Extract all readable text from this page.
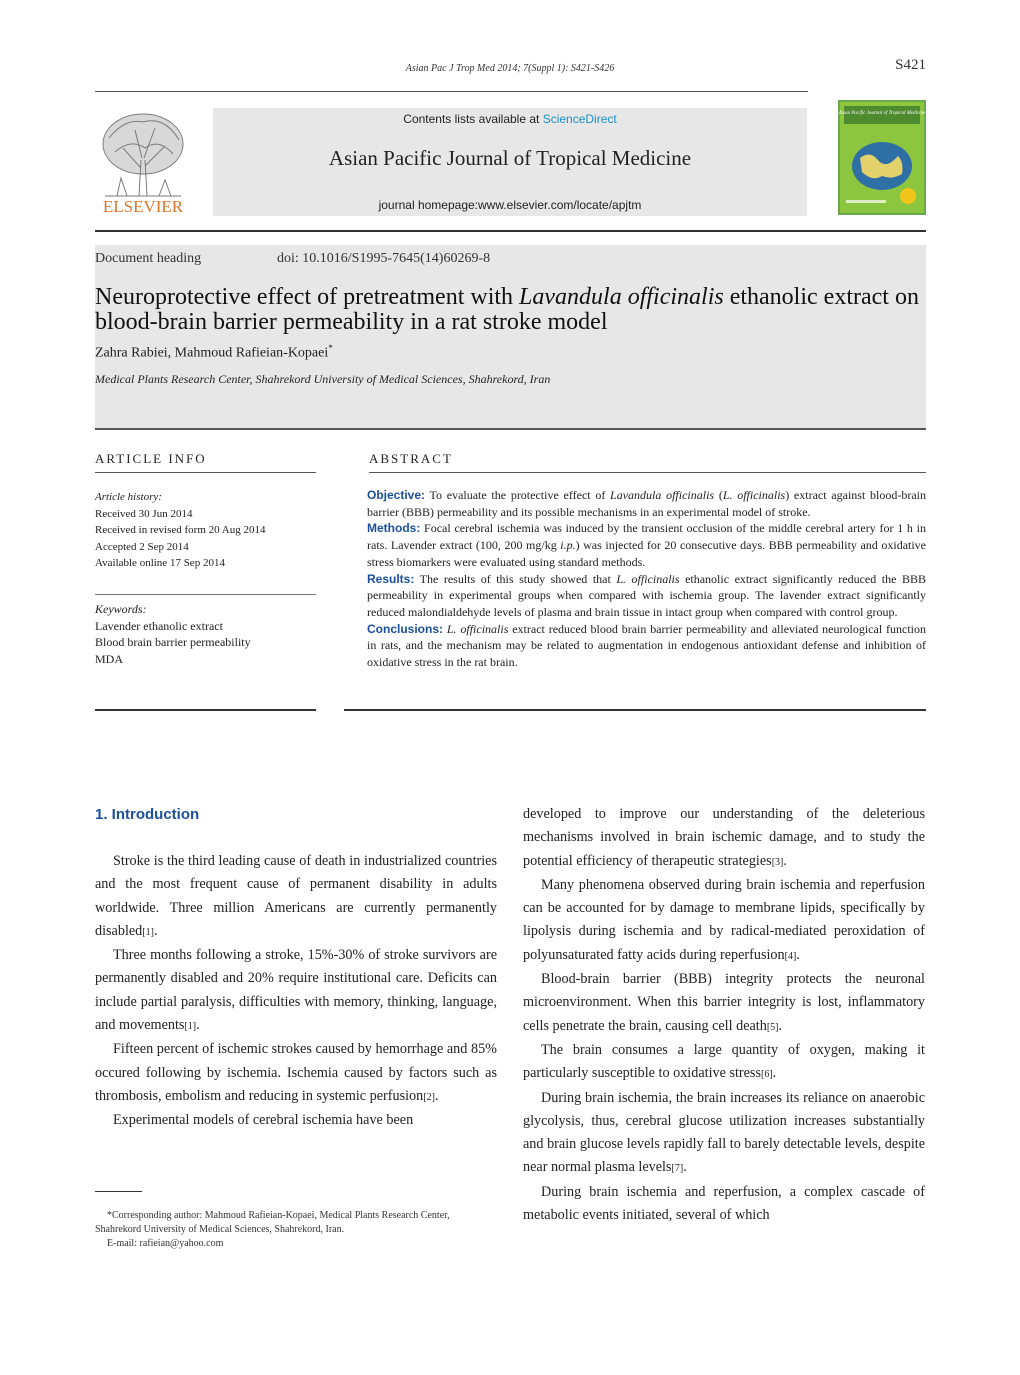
Asian Pac J Trop Med 2014; 7(Suppl 1): S421-S426	S421
ELSEVIER
Contents lists available at ScienceDirect
Asian Pacific Journal of Tropical Medicine
journal homepage:www.elsevier.com/locate/apjtm
Asian Pacific Journal of Tropical Medicine
Document heading	doi: 10.1016/S1995-7645(14)60269-8
Neuroprotective effect of pretreatment with Lavandula officinalis ethanolic extract on blood-brain barrier permeability in a rat stroke model
Zahra Rabiei, Mahmoud Rafieian-Kopaei*
Medical Plants Research Center, Shahrekord University of Medical Sciences, Shahrekord, Iran
ARTICLE INFO	ABSTRACT
Article history:
Received 30 Jun 2014
Received in revised form 20 Aug 2014
Accepted 2 Sep 2014
Available online 17 Sep 2014
Keywords:
Lavender ethanolic extract
Blood brain barrier permeability
MDA

Objective: To evaluate the protective effect of Lavandula officinalis (L. officinalis) extract against blood-brain barrier (BBB) permeability and its possible mechanisms in an experimental model of stroke.

Methods: Focal cerebral ischemia was induced by the transient occlusion of the middle cerebral artery for 1 h in rats. Lavender extract (100, 200 mg/kg i.p.) was injected for 20 consecutive days. BBB permeability and oxidative stress biomarkers were evaluated using standard methods.

Results: The results of this study showed that L. officinalis ethanolic extract significantly reduced the BBB permeability in experimental groups when compared with ischemia group. The lavender extract significantly reduced malondialdehyde levels of plasma and brain tissue in intact group when compared with control group.

Conclusions: L. officinalis extract reduced blood brain barrier permeability and alleviated neurological function in rats, and the mechanism may be related to augmentation in endogenous antioxidant defense and inhibition of oxidative stress in the rat brain.

1. Introduction

Stroke is the third leading cause of death in industrialized countries and the most frequent cause of permanent disability in adults worldwide. Three million Americans are currently permanently disabled[1].

Three months following a stroke, 15%-30% of stroke survivors are permanently disabled and 20% require institutional care. Deficits can include partial paralysis, difficulties with memory, thinking, language, and movements[1].

Fifteen percent of ischemic strokes caused by hemorrhage and 85% occured following by ischemia. Ischemia caused by factors such as thrombosis, embolism and reducing in systemic perfusion[2].

Experimental models of cerebral ischemia have been

developed to improve our understanding of the deleterious mechanisms involved in brain ischemic damage, and to study the potential efficiency of therapeutic strategies[3].

Many phenomena observed during brain ischemia and reperfusion can be accounted for by damage to membrane lipids, specifically by lipolysis during ischemia and by radical-mediated peroxidation of polyunsaturated fatty acids during reperfusion[4].

Blood-brain barrier (BBB) integrity protects the neuronal microenvironment. When this barrier integrity is lost, inflammatory cells penetrate the brain, causing cell death[5].

The brain consumes a large quantity of oxygen, making it particularly susceptible to oxidative stress[6].

During brain ischemia, the brain increases its reliance on anaerobic glycolysis, thus, cerebral glucose utilization increases substantially and brain glucose levels rapidly fall to barely detectable levels, despite near normal plasma levels[7].

During brain ischemia and reperfusion, a complex cascade of metabolic events initiated, several of which

*Corresponding author: Mahmoud Rafieian-Kopaei, Medical Plants Research Center, Shahrekord University of Medical Sciences, Shahrekord, Iran.

E-mail: rafieian@yahoo.com
